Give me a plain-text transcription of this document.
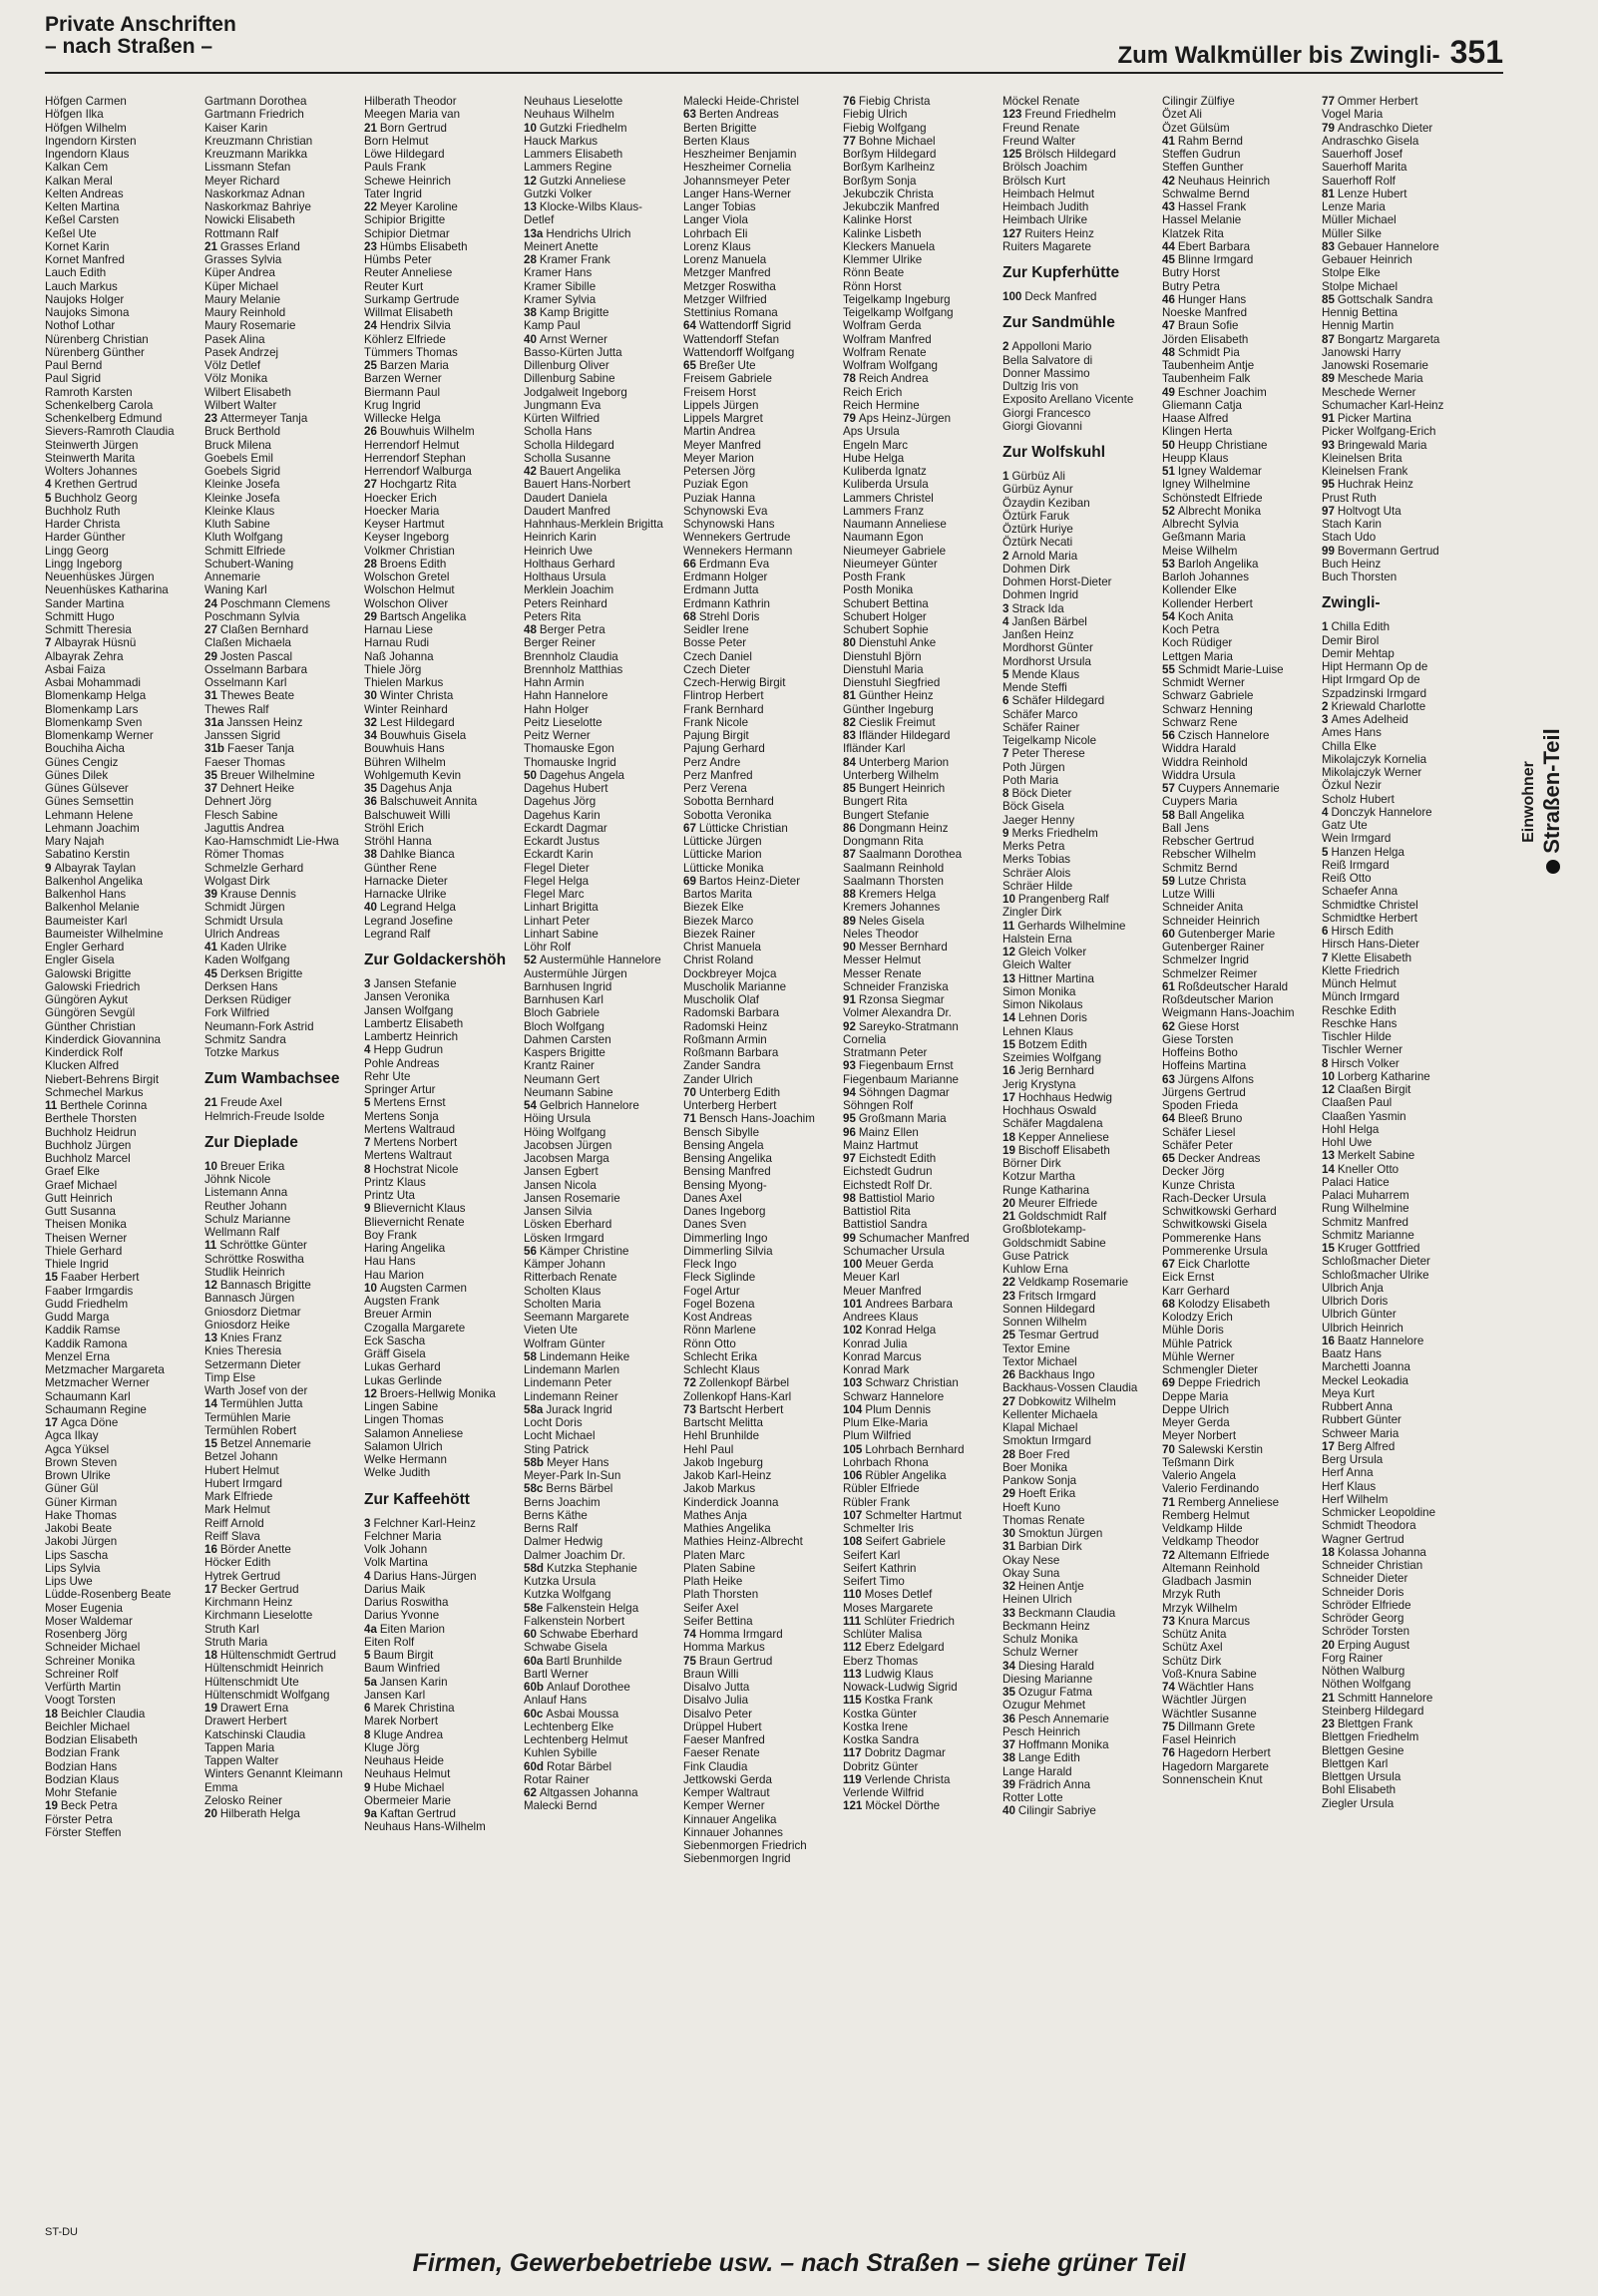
Private Anschriften
– nach Straßen –	Zum Walkmüller bis Zwingli- 351
Höfgen Carmen
Höfgen Ilka
Höfgen Wilhelm
Ingendorn Kirsten
Ingendorn Klaus
Kalkan Cem
Kalkan Meral
Kelten Andreas
Kelten Martina
Keßel Carsten
Keßel Ute
Kornet Karin
Kornet Manfred
Lauch Edith
Lauch Markus
Naujoks Holger
Naujoks Simona
Nothof Lothar
Nürenberg Christian
Nürenberg Günther
Paul Bernd
Paul Sigrid
Ramroth Karsten
Schenkelberg Carola
Schenkelberg Edmund
Sievers-Ramroth Claudia
Steinwerth Jürgen
Steinwerth Marita
Wolters Johannes
4 Krethen Gertrud
5 Buchholz Georg
Buchholz Ruth
Harder Christa
Harder Günther
Lingg Georg
Lingg Ingeborg
Neuenhüskes Jürgen
Neuenhüskes Katharina
Sander Martina
Schmitt Hugo
Schmitt Theresia
7 Albayrak Hüsnü
Albayrak Zehra
Asbai Faiza
Asbai Mohammadi
Blomenkamp Helga
Blomenkamp Lars
Blomenkamp Sven
Blomenkamp Werner
Bouchiha Aicha
Günes Cengiz
Günes Dilek
Günes Gülsever
Günes Semsettin
Lehmann Helene
Lehmann Joachim
Mary Najah
Sabatino Kerstin
9 Albayrak Taylan
Balkenhol Angelika
Balkenhol Hans
Balkenhol Melanie
Baumeister Karl
Baumeister Wilhelmine
Engler Gerhard
Engler Gisela
Galowski Brigitte
Galowski Friedrich
Güngören Aykut
Güngören Sevgül
Günther Christian
Kinderdick Giovannina
Kinderdick Rolf
Klucken Alfred
Niebert-Behrens Birgit
Schmechel Markus
11 Berthele Corinna
Berthele Thorsten
Buchholz Heidrun
Buchholz Jürgen
Buchholz Marcel
Graef Elke
Graef Michael
Gutt Heinrich
Gutt Susanna
Theisen Monika
Theisen Werner
Thiele Gerhard
Thiele Ingrid
15 Faaber Herbert
Faaber Irmgardis
Gudd Friedhelm
Gudd Marga
Kaddik Ramse
Kaddik Ramona
Menzel Erna
Metzmacher Margareta
Metzmacher Werner
Schaumann Karl
Schaumann Regine
17 Agca Döne
Agca Ilkay
Agca Yüksel
Brown Steven
Brown Ulrike
Güner Gül
Güner Kirman
Hake Thomas
Jakobi Beate
Jakobi Jürgen
Lips Sascha
Lips Sylvia
Lips Uwe
Lüdde-Rosenberg Beate
Moser Eugenia
Moser Waldemar
Rosenberg Jörg
Schneider Michael
Schreiner Monika
Schreiner Rolf
Verfürth Martin
Voogt Torsten
18 Beichler Claudia
Beichler Michael
Bodzian Elisabeth
Bodzian Frank
Bodzian Hans
Bodzian Klaus
Mohr Stefanie
19 Beck Petra
Förster Petra
Förster Steffen
Gartmann Dorothea
Gartmann Friedrich
Kaiser Karin
Kreuzmann Christian
Kreuzmann Marikka
Lissmann Stefan
Meyer Richard
Naskorkmaz Adnan
Naskorkmaz Bahriye
Nowicki Elisabeth
Rottmann Ralf
21 Grasses Erland
Grasses Sylvia
Küper Andrea
Küper Michael
Maury Melanie
Maury Reinhold
Maury Rosemarie
Pasek Alina
Pasek Andrzej
Völz Detlef
Völz Monika
Wilbert Elisabeth
Wilbert Walter
23 Attermeyer Tanja
Bruck Berthold
Bruck Milena
Goebels Emil
Goebels Sigrid
Kleinke Josefa
Kleinke Josefa
Kleinke Klaus
Kluth Sabine
Kluth Wolfgang
Schmitt Elfriede
Schubert-Waning
Annemarie
Waning Karl
24 Poschmann Clemens
Poschmann Sylvia
27 Claßen Bernhard
Claßen Michaela
29 Josten Pascal
Osselmann Barbara
Osselmann Karl
31 Thewes Beate
Thewes Ralf
31a Janssen Heinz
Janssen Sigrid
31b Faeser Tanja
Faeser Thomas
35 Breuer Wilhelmine
37 Dehnert Heike
Dehnert Jörg
Flesch Sabine
Jaguttis Andrea
Kao-Hamschmidt Lie-Hwa
Römer Thomas
Schmelzle Gerhard
Wolgast Dirk
39 Krause Dennis
Schmidt Jürgen
Schmidt Ursula
Ulrich Andreas
41 Kaden Ulrike
Kaden Wolfgang
45 Derksen Brigitte
Derksen Hans
Derksen Rüdiger
Fork Wilfried
Neumann-Fork Astrid
Schmitz Sandra
Totzke Markus
Zum Wambachsee
21 Freude Axel
Helmrich-Freude Isolde
Zur Dieplade
10 Breuer Erika
Jöhnk Nicole
Listemann Anna
Reuther Johann
Schulz Marianne
Wellmann Ralf
11 Schröttke Günter
Schröttke Roswitha
Studlik Heinrich
12 Bannasch Brigitte
Bannasch Jürgen
Gniosdorz Dietmar
Gniosdorz Heike
13 Knies Franz
Knies Theresia
Setzermann Dieter
Timp Else
Warth Josef von der
14 Termühlen Jutta
Termühlen Marie
Termühlen Robert
15 Betzel Annemarie
Betzel Johann
Hubert Helmut
Hubert Irmgard
Mark Elfriede
Mark Helmut
Reiff Arnold
Reiff Slava
16 Börder Anette
Höcker Edith
Hytrek Gertrud
17 Becker Gertrud
Kirchmann Heinz
Kirchmann Lieselotte
Struth Karl
Struth Maria
18 Hültenschmidt Gertrud
Hültenschmidt Heinrich
Hültenschmidt Ute
Hültenschmidt Wolfgang
19 Drawert Erna
Drawert Herbert
Katschinski Claudia
Tappen Maria
Tappen Walter
Winters Genannt Kleimann
Emma
Zelosko Reiner
20 Hilberath Helga
Hilberath Theodor
Meegen Maria van
21 Born Gertrud
Born Helmut
Löwe Hildegard
Pauls Frank
Schewe Heinrich
Tater Ingrid
22 Meyer Karoline
Schipior Brigitte
Schipior Dietmar
23 Hümbs Elisabeth
Hümbs Peter
Reuter Anneliese
Reuter Kurt
Surkamp Gertrude
Willmat Elisabeth
24 Hendrix Silvia
Köhlerz Elfriede
Tümmers Thomas
25 Barzen Maria
Barzen Werner
Biermann Paul
Krug Ingrid
Willecke Helga
26 Bouwhuis Wilhelm
Herrendorf Helmut
Herrendorf Stephan
Herrendorf Walburga
27 Hochgartz Rita
Hoecker Erich
Hoecker Maria
Keyser Hartmut
Keyser Ingeborg
Volkmer Christian
28 Broens Edith
Wolschon Gretel
Wolschon Helmut
Wolschon Oliver
29 Bartsch Angelika
Harnau Liese
Harnau Rudi
Naß Johanna
Thiele Jörg
Thielen Markus
30 Winter Christa
Winter Reinhard
32 Lest Hildegard
34 Bouwhuis Gisela
Bouwhuis Hans
Bühren Wilhelm
Wohlgemuth Kevin
35 Dagehus Anja
36 Balschuweit Annita
Balschuweit Willi
Ströhl Erich
Ströhl Hanna
38 Dahlke Bianca
Günther Rene
Harnacke Dieter
Harnacke Ulrike
40 Legrand Helga
Legrand Josefine
Legrand Ralf
Zur Goldackershöh
3 Jansen Stefanie
Jansen Veronika
Jansen Wolfgang
Lambertz Elisabeth
Lambertz Heinrich
4 Hepp Gudrun
Pohle Andreas
Rehr Ute
Springer Artur
5 Mertens Ernst
Mertens Sonja
Mertens Waltraud
7 Mertens Norbert
Mertens Waltraut
8 Hochstrat Nicole
Printz Klaus
Printz Uta
9 Blievernicht Klaus
Blievernicht Renate
Boy Frank
Haring Angelika
Hau Hans
Hau Marion
10 Augsten Carmen
Augsten Frank
Breuer Armin
Czogalla Margarete
Eck Sascha
Gräff Gisela
Lukas Gerhard
Lukas Gerlinde
12 Broers-Hellwig Monika
Lingen Sabine
Lingen Thomas
Salamon Anneliese
Salamon Ulrich
Welke Hermann
Welke Judith
Zur Kaffeehött
3 Felchner Karl-Heinz
Felchner Maria
Volk Johann
Volk Martina
4 Darius Hans-Jürgen
Darius Maik
Darius Roswitha
Darius Yvonne
4a Eiten Marion
Eiten Rolf
5 Baum Birgit
Baum Winfried
5a Jansen Karin
Jansen Karl
6 Marek Christina
Marek Norbert
8 Kluge Andrea
Kluge Jörg
Neuhaus Heide
Neuhaus Helmut
9 Hube Michael
Obermeier Marie
9a Kaftan Gertrud
Neuhaus Hans-Wilhelm
Neuhaus Lieselotte
Neuhaus Wilhelm
10 Gutzki Friedhelm
Hauck Markus
Lammers Elisabeth
Lammers Regine
12 Gutzki Anneliese
Gutzki Volker
13 Klocke-Wilbs Klaus-
Detlef
13a Hendrichs Ulrich
Meinert Anette
28 Kramer Frank
Kramer Hans
Kramer Sibille
Kramer Sylvia
38 Kamp Brigitte
Kamp Paul
40 Arnst Werner
Basso-Kürten Jutta
Dillenburg Oliver
Dillenburg Sabine
Jodgalweit Ingeborg
Jungmann Eva
Kürten Wilfried
Scholla Hans
Scholla Hildegard
Scholla Susanne
42 Bauert Angelika
Bauert Hans-Norbert
Daudert Daniela
Daudert Manfred
Hahnhaus-Merklein Brigitta
Heinrich Karin
Heinrich Uwe
Holthaus Gerhard
Holthaus Ursula
Merklein Joachim
Peters Reinhard
Peters Rita
48 Berger Petra
Berger Reiner
Brennholz Claudia
Brennholz Matthias
Hahn Armin
Hahn Hannelore
Hahn Holger
Peitz Lieselotte
Peitz Werner
Thomauske Egon
Thomauske Ingrid
50 Dagehus Angela
Dagehus Hubert
Dagehus Jörg
Dagehus Karin
Eckardt Dagmar
Eckardt Justus
Eckardt Karin
Flegel Dieter
Flegel Helga
Flegel Marc
Linhart Brigitta
Linhart Peter
Linhart Sabine
Löhr Rolf
52 Austermühle Hannelore
Austermühle Jürgen
Barnhusen Ingrid
Barnhusen Karl
Bloch Gabriele
Bloch Wolfgang
Dahmen Carsten
Kaspers Brigitte
Krantz Rainer
Neumann Gert
Neumann Sabine
54 Gelbrich Hannelore
Höing Ursula
Höing Wolfgang
Jacobsen Jürgen
Jacobsen Marga
Jansen Egbert
Jansen Nicola
Jansen Rosemarie
Jansen Silvia
Lösken Eberhard
Lösken Irmgard
56 Kämper Christine
Kämper Johann
Ritterbach Renate
Scholten Klaus
Scholten Maria
Seemann Margarete
Vieten Ute
Wolfram Günter
58 Lindemann Heike
Lindemann Marlen
Lindemann Peter
Lindemann Reiner
58a Jurack Ingrid
Locht Doris
Locht Michael
Sting Patrick
58b Meyer Hans
Meyer-Park In-Sun
58c Berns Bärbel
Berns Joachim
Berns Käthe
Berns Ralf
Dalmer Hedwig
Dalmer Joachim Dr.
58d Kutzka Stephanie
Kutzka Ursula
Kutzka Wolfgang
58e Falkenstein Helga
Falkenstein Norbert
60 Schwabe Eberhard
Schwabe Gisela
60a Bartl Brunhilde
Bartl Werner
60b Anlauf Dorothee
Anlauf Hans
60c Asbai Moussa
Lechtenberg Elke
Lechtenberg Helmut
Kuhlen Sybille
60d Rotar Bärbel
Rotar Rainer
62 Altgassen Johanna
Malecki Bernd
Malecki Heide-Christel
63 Berten Andreas
Berten Brigitte
Berten Klaus
Heszheimer Benjamin
Heszheimer Cornelia
Johannsmeyer Peter
Langer Hans-Werner
Langer Tobias
Langer Viola
Lohrbach Eli
Lorenz Klaus
Lorenz Manuela
Metzger Manfred
Metzger Roswitha
Metzger Wilfried
Stettinius Romana
64 Wattendorff Sigrid
Wattendorff Stefan
Wattendorff Wolfgang
65 Breßer Ute
Freisem Gabriele
Freisem Horst
Lippels Jürgen
Lippels Margret
Martin Andrea
Meyer Manfred
Meyer Marion
Petersen Jörg
Puziak Egon
Puziak Hanna
Schynowski Eva
Schynowski Hans
Wennekers Gertrude
Wennekers Hermann
66 Erdmann Eva
Erdmann Holger
Erdmann Jutta
Erdmann Kathrin
68 Strehl Doris
Seidler Irene
Bosse Peter
Czech Daniel
Czech Dieter
Czech-Herwig Birgit
Flintrop Herbert
Frank Bernhard
Frank Nicole
Pajung Birgit
Pajung Gerhard
Perz Andre
Perz Manfred
Perz Verena
Sobotta Bernhard
Sobotta Veronika
67 Lütticke Christian
Lütticke Jürgen
Lütticke Marion
Lütticke Monika
69 Bartos Heinz-Dieter
Bartos Marita
Biezek Elke
Biezek Marco
Biezek Rainer
Christ Manuela
Christ Roland
Dockbreyer Mojca
Muscholik Marianne
Muscholik Olaf
Radomski Barbara
Radomski Heinz
Roßmann Armin
Roßmann Barbara
Zander Sandra
Zander Ulrich
70 Unterberg Edith
Unterberg Herbert
71 Bensch Hans-Joachim
Bensch Sibylle
Bensing Angela
Bensing Angelika
Bensing Manfred
Bensing Myong-
Danes Axel
Danes Ingeborg
Danes Sven
Dimmerling Ingo
Dimmerling Silvia
Fleck Ingo
Fleck Siglinde
Fogel Artur
Fogel Bozena
Kost Andreas
Rönn Marlene
Rönn Otto
Schlecht Erika
Schlecht Klaus
72 Zollenkopf Bärbel
Zollenkopf Hans-Karl
73 Bartscht Herbert
Bartscht Melitta
Hehl Brunhilde
Hehl Paul
Jakob Ingeburg
Jakob Karl-Heinz
Jakob Markus
Kinderdick Joanna
Mathes Anja
Mathies Angelika
Mathies Heinz-Albrecht
Platen Marc
Platen Sabine
Plath Heike
Plath Thorsten
Seifer Axel
Seifer Bettina
74 Homma Irmgard
Homma Markus
75 Braun Gertrud
Braun Willi
Disalvo Jutta
Disalvo Julia
Disalvo Peter
Drüppel Hubert
Faeser Manfred
Faeser Renate
Fink Claudia
Jettkowski Gerda
Kemper Waltraut
Kemper Werner
Kinnauer Angelika
Kinnauer Johannes
Siebenmorgen Friedrich
Siebenmorgen Ingrid
76 Fiebig Christa
Fiebig Ulrich
Fiebig Wolfgang
77 Bohne Michael
Borßym Hildegard
Borßym Karlheinz
Borßym Sonja
Jekubczik Christa
Jekubczik Manfred
Kalinke Horst
Kalinke Lisbeth
Kleckers Manuela
Klemmer Ulrike
Rönn Beate
Rönn Horst
Teigelkamp Ingeburg
Teigelkamp Wolfgang
Wolfram Gerda
Wolfram Manfred
Wolfram Renate
Wolfram Wolfgang
78 Reich Andrea
Reich Erich
Reich Hermine
79 Aps Heinz-Jürgen
Aps Ursula
Engeln Marc
Hube Helga
Kuliberda Ignatz
Kuliberda Ursula
Lammers Christel
Lammers Franz
Naumann Anneliese
Naumann Egon
Nieumeyer Gabriele
Nieumeyer Günter
Posth Frank
Posth Monika
Schubert Bettina
Schubert Holger
Schubert Sophie
80 Dienstuhl Anke
Dienstuhl Björn
Dienstuhl Maria
Dienstuhl Siegfried
81 Günther Heinz
Günther Ingeburg
82 Cieslik Freimut
83 Ifländer Hildegard
Ifländer Karl
84 Unterberg Marion
Unterberg Wilhelm
85 Bungert Heinrich
Bungert Rita
Bungert Stefanie
86 Dongmann Heinz
Dongmann Rita
87 Saalmann Dorothea
Saalmann Reinhold
Saalmann Thorsten
88 Kremers Helga
Kremers Johannes
89 Neles Gisela
Neles Theodor
90 Messer Bernhard
Messer Helmut
Messer Renate
Schneider Franziska
91 Rzonsa Siegmar
Volmer Alexandra Dr.
92 Sareyko-Stratmann
Cornelia
Stratmann Peter
93 Fiegenbaum Ernst
Fiegenbaum Marianne
94 Söhngen Dagmar
Söhngen Rolf
95 Großmann Maria
96 Mainz Ellen
Mainz Hartmut
97 Eichstedt Edith
Eichstedt Gudrun
Eichstedt Rolf Dr.
98 Battistiol Mario
Battistiol Rita
Battistiol Sandra
99 Schumacher Manfred
Schumacher Ursula
100 Meuer Gerda
Meuer Karl
Meuer Manfred
101 Andrees Barbara
Andrees Klaus
102 Konrad Helga
Konrad Julia
Konrad Marcus
Konrad Mark
103 Schwarz Christian
Schwarz Hannelore
104 Plum Dennis
Plum Elke-Maria
Plum Wilfried
105 Lohrbach Bernhard
Lohrbach Rhona
106 Rübler Angelika
Rübler Elfriede
Rübler Frank
107 Schmelter Hartmut
Schmelter Iris
108 Seifert Gabriele
Seifert Karl
Seifert Kathrin
Seifert Timo
110 Moses Detlef
Moses Margarete
111 Schlüter Friedrich
Schlüter Malisa
112 Eberz Edelgard
Eberz Thomas
113 Ludwig Klaus
Nowack-Ludwig Sigrid
115 Kostka Frank
Kostka Günter
Kostka Irene
Kostka Sandra
117 Dobritz Dagmar
Dobritz Günter
119 Verlende Christa
Verlende Wilfrid
121 Möckel Dörthe
Möckel Renate
123 Freund Friedhelm
Freund Renate
Freund Walter
125 Brölsch Hildegard
Brölsch Joachim
Brölsch Kurt
Heimbach Helmut
Heimbach Judith
Heimbach Ulrike
127 Ruiters Heinz
Ruiters Magarete
Zur Kupferhütte
100 Deck Manfred
Zur Sandmühle
2 Appolloni Mario
Bella Salvatore di
Donner Massimo
Dultzig Iris von
Exposito Arellano Vicente
Giorgi Francesco
Giorgi Giovanni
Zur Wolfskuhl
1 Gürbüz Ali
Gürbüz Aynur
Özaydin Keziban
Öztürk Faruk
Öztürk Huriye
Öztürk Necati
2 Arnold Maria
Dohmen Dirk
Dohmen Horst-Dieter
Dohmen Ingrid
3 Strack Ida
4 Janßen Bärbel
Janßen Heinz
Mordhorst Günter
Mordhorst Ursula
5 Mende Klaus
Mende Steffi
6 Schäfer Hildegard
Schäfer Marco
Schäfer Rainer
Teigelkamp Nicole
7 Peter Therese
Poth Jürgen
Poth Maria
8 Böck Dieter
Böck Gisela
Jaeger Henny
9 Merks Friedhelm
Merks Petra
Merks Tobias
Schräer Alois
Schräer Hilde
10 Prangenberg Ralf
Zingler Dirk
11 Gerhards Wilhelmine
Halstein Erna
12 Gleich Volker
Gleich Walter
13 Hittner Martina
Simon Monika
Simon Nikolaus
14 Lehnen Doris
Lehnen Klaus
15 Botzem Edith
Szeimies Wolfgang
16 Jerig Bernhard
Jerig Krystyna
17 Hochhaus Hedwig
Hochhaus Oswald
Schäfer Magdalena
18 Kepper Anneliese
19 Bischoff Elisabeth
Börner Dirk
Kotzur Martha
Runge Katharina
20 Meurer Elfriede
21 Goldschmidt Ralf
Großblotekamp-
Goldschmidt Sabine
Guse Patrick
Kuhlow Erna
22 Veldkamp Rosemarie
23 Fritsch Irmgard
Sonnen Hildegard
Sonnen Wilhelm
25 Tesmar Gertrud
Textor Emine
Textor Michael
26 Backhaus Ingo
Backhaus-Vossen Claudia
27 Dobkowitz Wilhelm
Kellenter Michaela
Klapal Michael
Smoktun Irmgard
28 Boer Fred
Boer Monika
Pankow Sonja
29 Hoeft Erika
Hoeft Kuno
Thomas Renate
30 Smoktun Jürgen
31 Barbian Dirk
Okay Nese
Okay Suna
32 Heinen Antje
Heinen Ulrich
33 Beckmann Claudia
Beckmann Heinz
Schulz Monika
Schulz Werner
34 Diesing Harald
Diesing Marianne
35 Ozugur Fatma
Ozugur Mehmet
36 Pesch Annemarie
Pesch Heinrich
37 Hoffmann Monika
38 Lange Edith
Lange Harald
39 Frädrich Anna
Rotter Lotte
40 Cilingir Sabriye
Cilingir Zülfiye
Özet Ali
Özet Gülsüm
41 Rahm Bernd
Steffen Gudrun
Steffen Gunther
42 Neuhaus Heinrich
Schwalme Bernd
43 Hassel Frank
Hassel Melanie
Klatzek Rita
44 Ebert Barbara
45 Blinne Irmgard
Butry Horst
Butry Petra
46 Hunger Hans
Noeske Manfred
47 Braun Sofie
Jörden Elisabeth
48 Schmidt Pia
Taubenheim Antje
Taubenheim Falk
49 Eschner Joachim
Gliemann Catja
Haase Alfred
Klingen Herta
50 Heupp Christiane
Heupp Klaus
51 Igney Waldemar
Igney Wilhelmine
Schönstedt Elfriede
52 Albrecht Monika
Albrecht Sylvia
Geßmann Maria
Meise Wilhelm
53 Barloh Angelika
Barloh Johannes
Kollender Elke
Kollender Herbert
54 Koch Anita
Koch Petra
Koch Rüdiger
Lettgen Maria
55 Schmidt Marie-Luise
Schmidt Werner
Schwarz Gabriele
Schwarz Henning
Schwarz Rene
56 Czisch Hannelore
Widdra Harald
Widdra Reinhold
Widdra Ursula
57 Cuypers Annemarie
Cuypers Maria
58 Ball Angelika
Ball Jens
Rebscher Gertrud
Rebscher Wilhelm
Schmitz Bernd
59 Lutze Christa
Lutze Willi
Schneider Anita
Schneider Heinrich
60 Gutenberger Marie
Gutenberger Rainer
Schmelzer Ingrid
Schmelzer Reimer
61 Roßdeutscher Harald
Roßdeutscher Marion
Weigmann Hans-Joachim
62 Giese Horst
Giese Torsten
Hoffeins Botho
Hoffeins Martina
63 Jürgens Alfons
Jürgens Gertrud
Spoden Frieda
64 Bleeß Bruno
Schäfer Liesel
Schäfer Peter
65 Decker Andreas
Decker Jörg
Kunze Christa
Rach-Decker Ursula
Schwitkowski Gerhard
Schwitkowski Gisela
Pommerenke Hans
Pommerenke Ursula
67 Eick Charlotte
Eick Ernst
Karr Gerhard
68 Kolodzy Elisabeth
Kolodzy Erich
Mühle Doris
Mühle Patrick
Mühle Werner
Schmengler Dieter
69 Deppe Friedrich
Deppe Maria
Deppe Ulrich
Meyer Gerda
Meyer Norbert
70 Salewski Kerstin
Teßmann Dirk
Valerio Angela
Valerio Ferdinando
71 Remberg Anneliese
Remberg Helmut
Veldkamp Hilde
Veldkamp Theodor
72 Altemann Elfriede
Altemann Reinhold
Gladbach Jasmin
Mrzyk Ruth
Mrzyk Wilhelm
73 Knura Marcus
Schütz Anita
Schütz Axel
Schütz Dirk
Voß-Knura Sabine
74 Wächtler Hans
Wächtler Jürgen
Wächtler Susanne
75 Dillmann Grete
Fasel Heinrich
76 Hagedorn Herbert
Hagedorn Margarete
Sonnenschein Knut
77 Ommer Herbert
Vogel Maria
79 Andraschko Dieter
Andraschko Gisela
Sauerhoff Josef
Sauerhoff Marita
Sauerhoff Rolf
81 Lenze Hubert
Lenze Maria
Müller Michael
Müller Silke
83 Gebauer Hannelore
Gebauer Heinrich
Stolpe Elke
Stolpe Michael
85 Gottschalk Sandra
Hennig Bettina
Hennig Martin
87 Bongartz Margareta
Janowski Harry
Janowski Rosemarie
89 Meschede Maria
Meschede Werner
Schumacher Karl-Heinz
91 Picker Martina
Picker Wolfgang-Erich
93 Bringewald Maria
Kleinelsen Brita
Kleinelsen Frank
95 Huchrak Heinz
Prust Ruth
97 Holtvogt Uta
Stach Karin
Stach Udo
99 Bovermann Gertrud
Buch Heinz
Buch Thorsten
Zwingli-
1 Chilla Edith
Demir Birol
Demir Mehtap
Hipt Hermann Op de
Hipt Irmgard Op de
Szpadzinski Irmgard
2 Kriewald Charlotte
3 Ames Adelheid
Ames Hans
Chilla Elke
Mikolajczyk Kornelia
Mikolajczyk Werner
Özkul Nezir
Scholz Hubert
4 Donczyk Hannelore
Gatz Ute
Wein Irmgard
5 Hanzen Helga
Reiß Irmgard
Reiß Otto
Schaefer Anna
Schmidtke Christel
Schmidtke Herbert
6 Hirsch Edith
Hirsch Hans-Dieter
7 Klette Elisabeth
Klette Friedrich
Münch Helmut
Münch Irmgard
Reschke Edith
Reschke Hans
Tischler Hilde
Tischler Werner
8 Hirsch Volker
10 Lorberg Katharine
12 Claaßen Birgit
Claaßen Paul
Claaßen Yasmin
Hohl Helga
Hohl Uwe
13 Merkelt Sabine
14 Kneller Otto
Palaci Hatice
Palaci Muharrem
Rung Wilhelmine
Schmitz Manfred
Schmitz Marianne
15 Kruger Gottfried
Schloßmacher Dieter
Schloßmacher Ulrike
Ulbrich Anja
Ulbrich Doris
Ulbrich Günter
Ulbrich Heinrich
16 Baatz Hannelore
Baatz Hans
Marchetti Joanna
Meckel Leokadia
Meya Kurt
Rubbert Anna
Rubbert Günter
Schweer Maria
17 Berg Alfred
Berg Ursula
Herf Anna
Herf Klaus
Herf Wilhelm
Schmicker Leopoldine
Schmidt Theodora
Wagner Gertrud
18 Kolassa Johanna
Schneider Christian
Schneider Dieter
Schneider Doris
Schröder Elfriede
Schröder Georg
Schröder Torsten
20 Erping August
Forg Rainer
Nöthen Walburg
Nöthen Wolfgang
21 Schmitt Hannelore
Steinberg Hildegard
23 Blettgen Frank
Blettgen Friedhelm
Blettgen Gesine
Blettgen Karl
Blettgen Ursula
Bohl Elisabeth
Ziegler Ursula
Einwohner Straßen-Teil
ST-DU
Firmen, Gewerbebetriebe usw. – nach Straßen – siehe grüner Teil
